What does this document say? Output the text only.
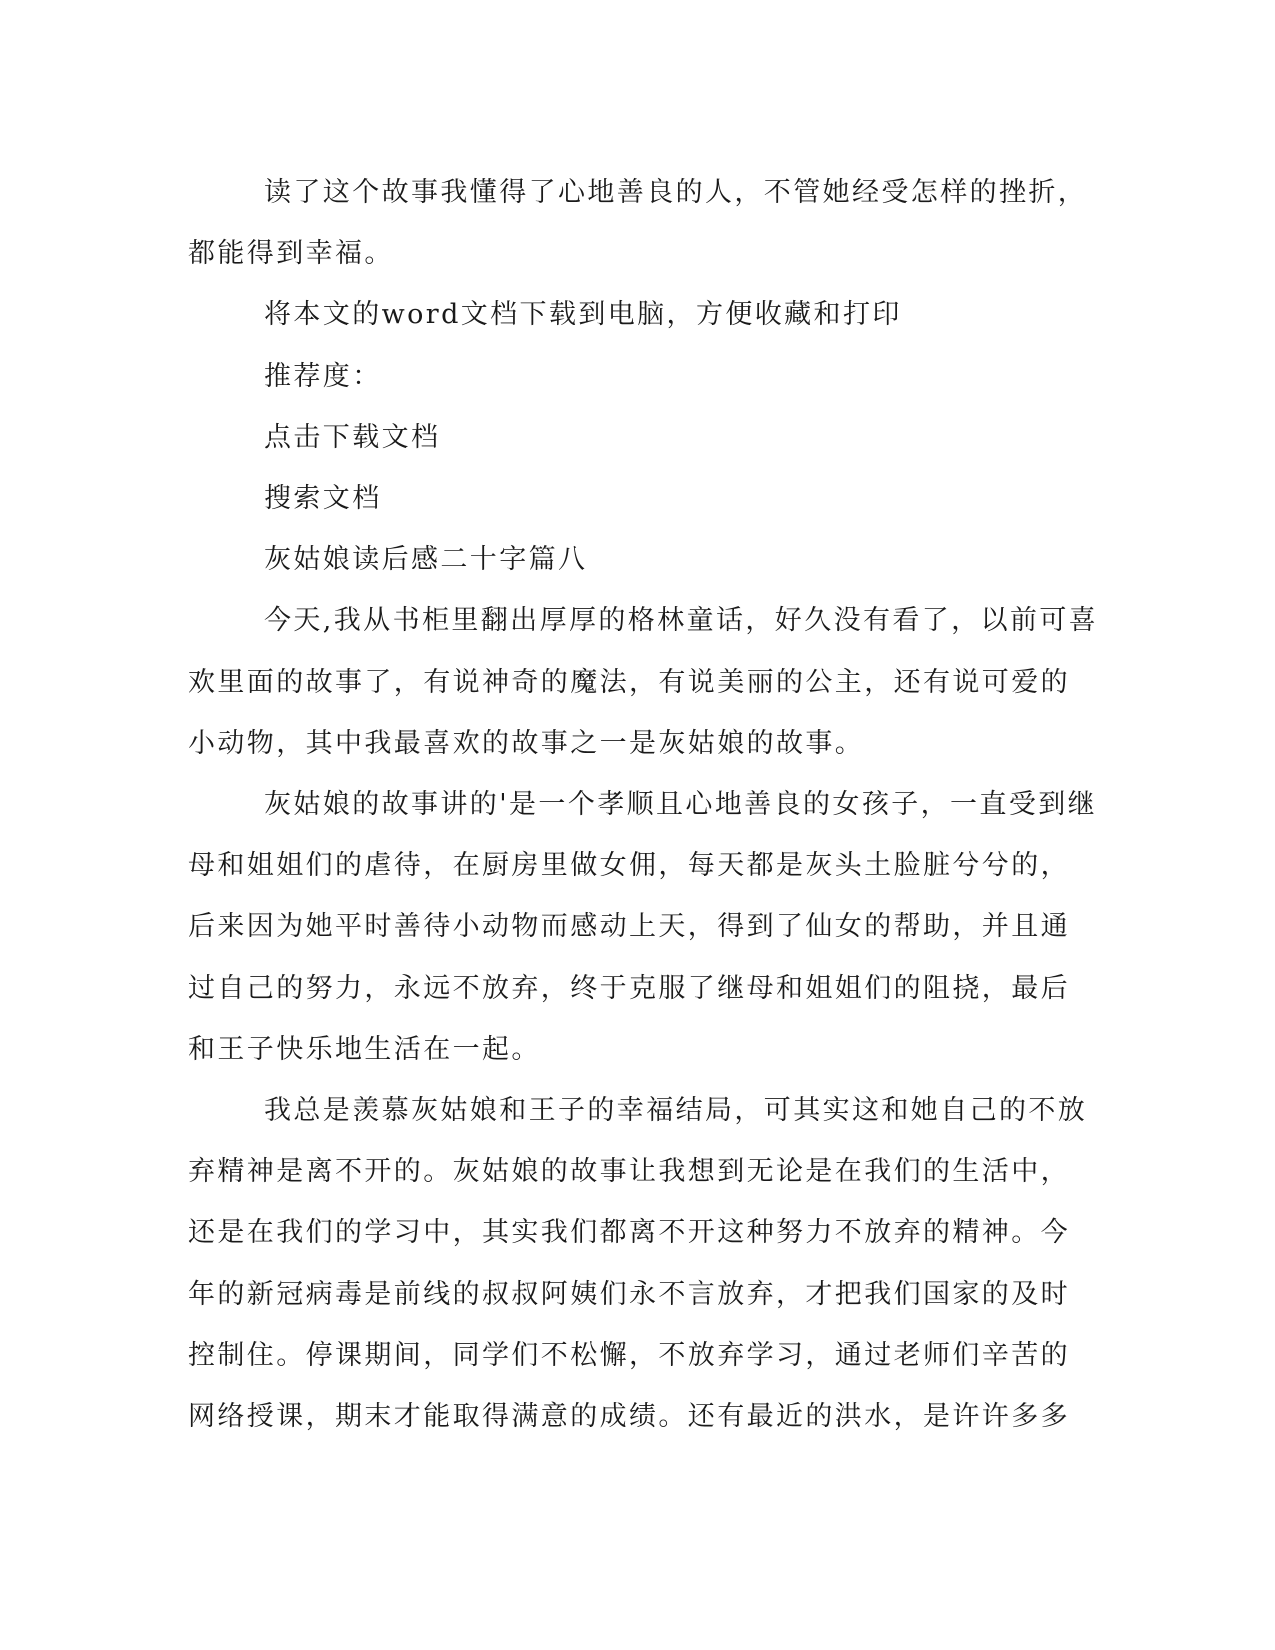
读了这个故事我懂得了心地善良的人，不管她经受怎样的挫折，
都能得到幸福。
将本文的word文档下载到电脑，方便收藏和打印
推荐度：
点击下载文档
搜索文档
灰姑娘读后感二十字篇八
今天,我从书柜里翻出厚厚的格林童话，好久没有看了，以前可喜
欢里面的故事了，有说神奇的魔法，有说美丽的公主，还有说可爱的
小动物，其中我最喜欢的故事之一是灰姑娘的故事。
灰姑娘的故事讲的'是一个孝顺且心地善良的女孩子，一直受到继
母和姐姐们的虐待，在厨房里做女佣，每天都是灰头土脸脏兮兮的，
后来因为她平时善待小动物而感动上天，得到了仙女的帮助，并且通
过自己的努力，永远不放弃，终于克服了继母和姐姐们的阻挠，最后
和王子快乐地生活在一起。
我总是羡慕灰姑娘和王子的幸福结局，可其实这和她自己的不放
弃精神是离不开的。灰姑娘的故事让我想到无论是在我们的生活中，
还是在我们的学习中，其实我们都离不开这种努力不放弃的精神。今
年的新冠病毒是前线的叔叔阿姨们永不言放弃，才把我们国家的及时
控制住。停课期间，同学们不松懈，不放弃学习，通过老师们辛苦的
网络授课，期末才能取得满意的成绩。还有最近的洪水，是许许多多
